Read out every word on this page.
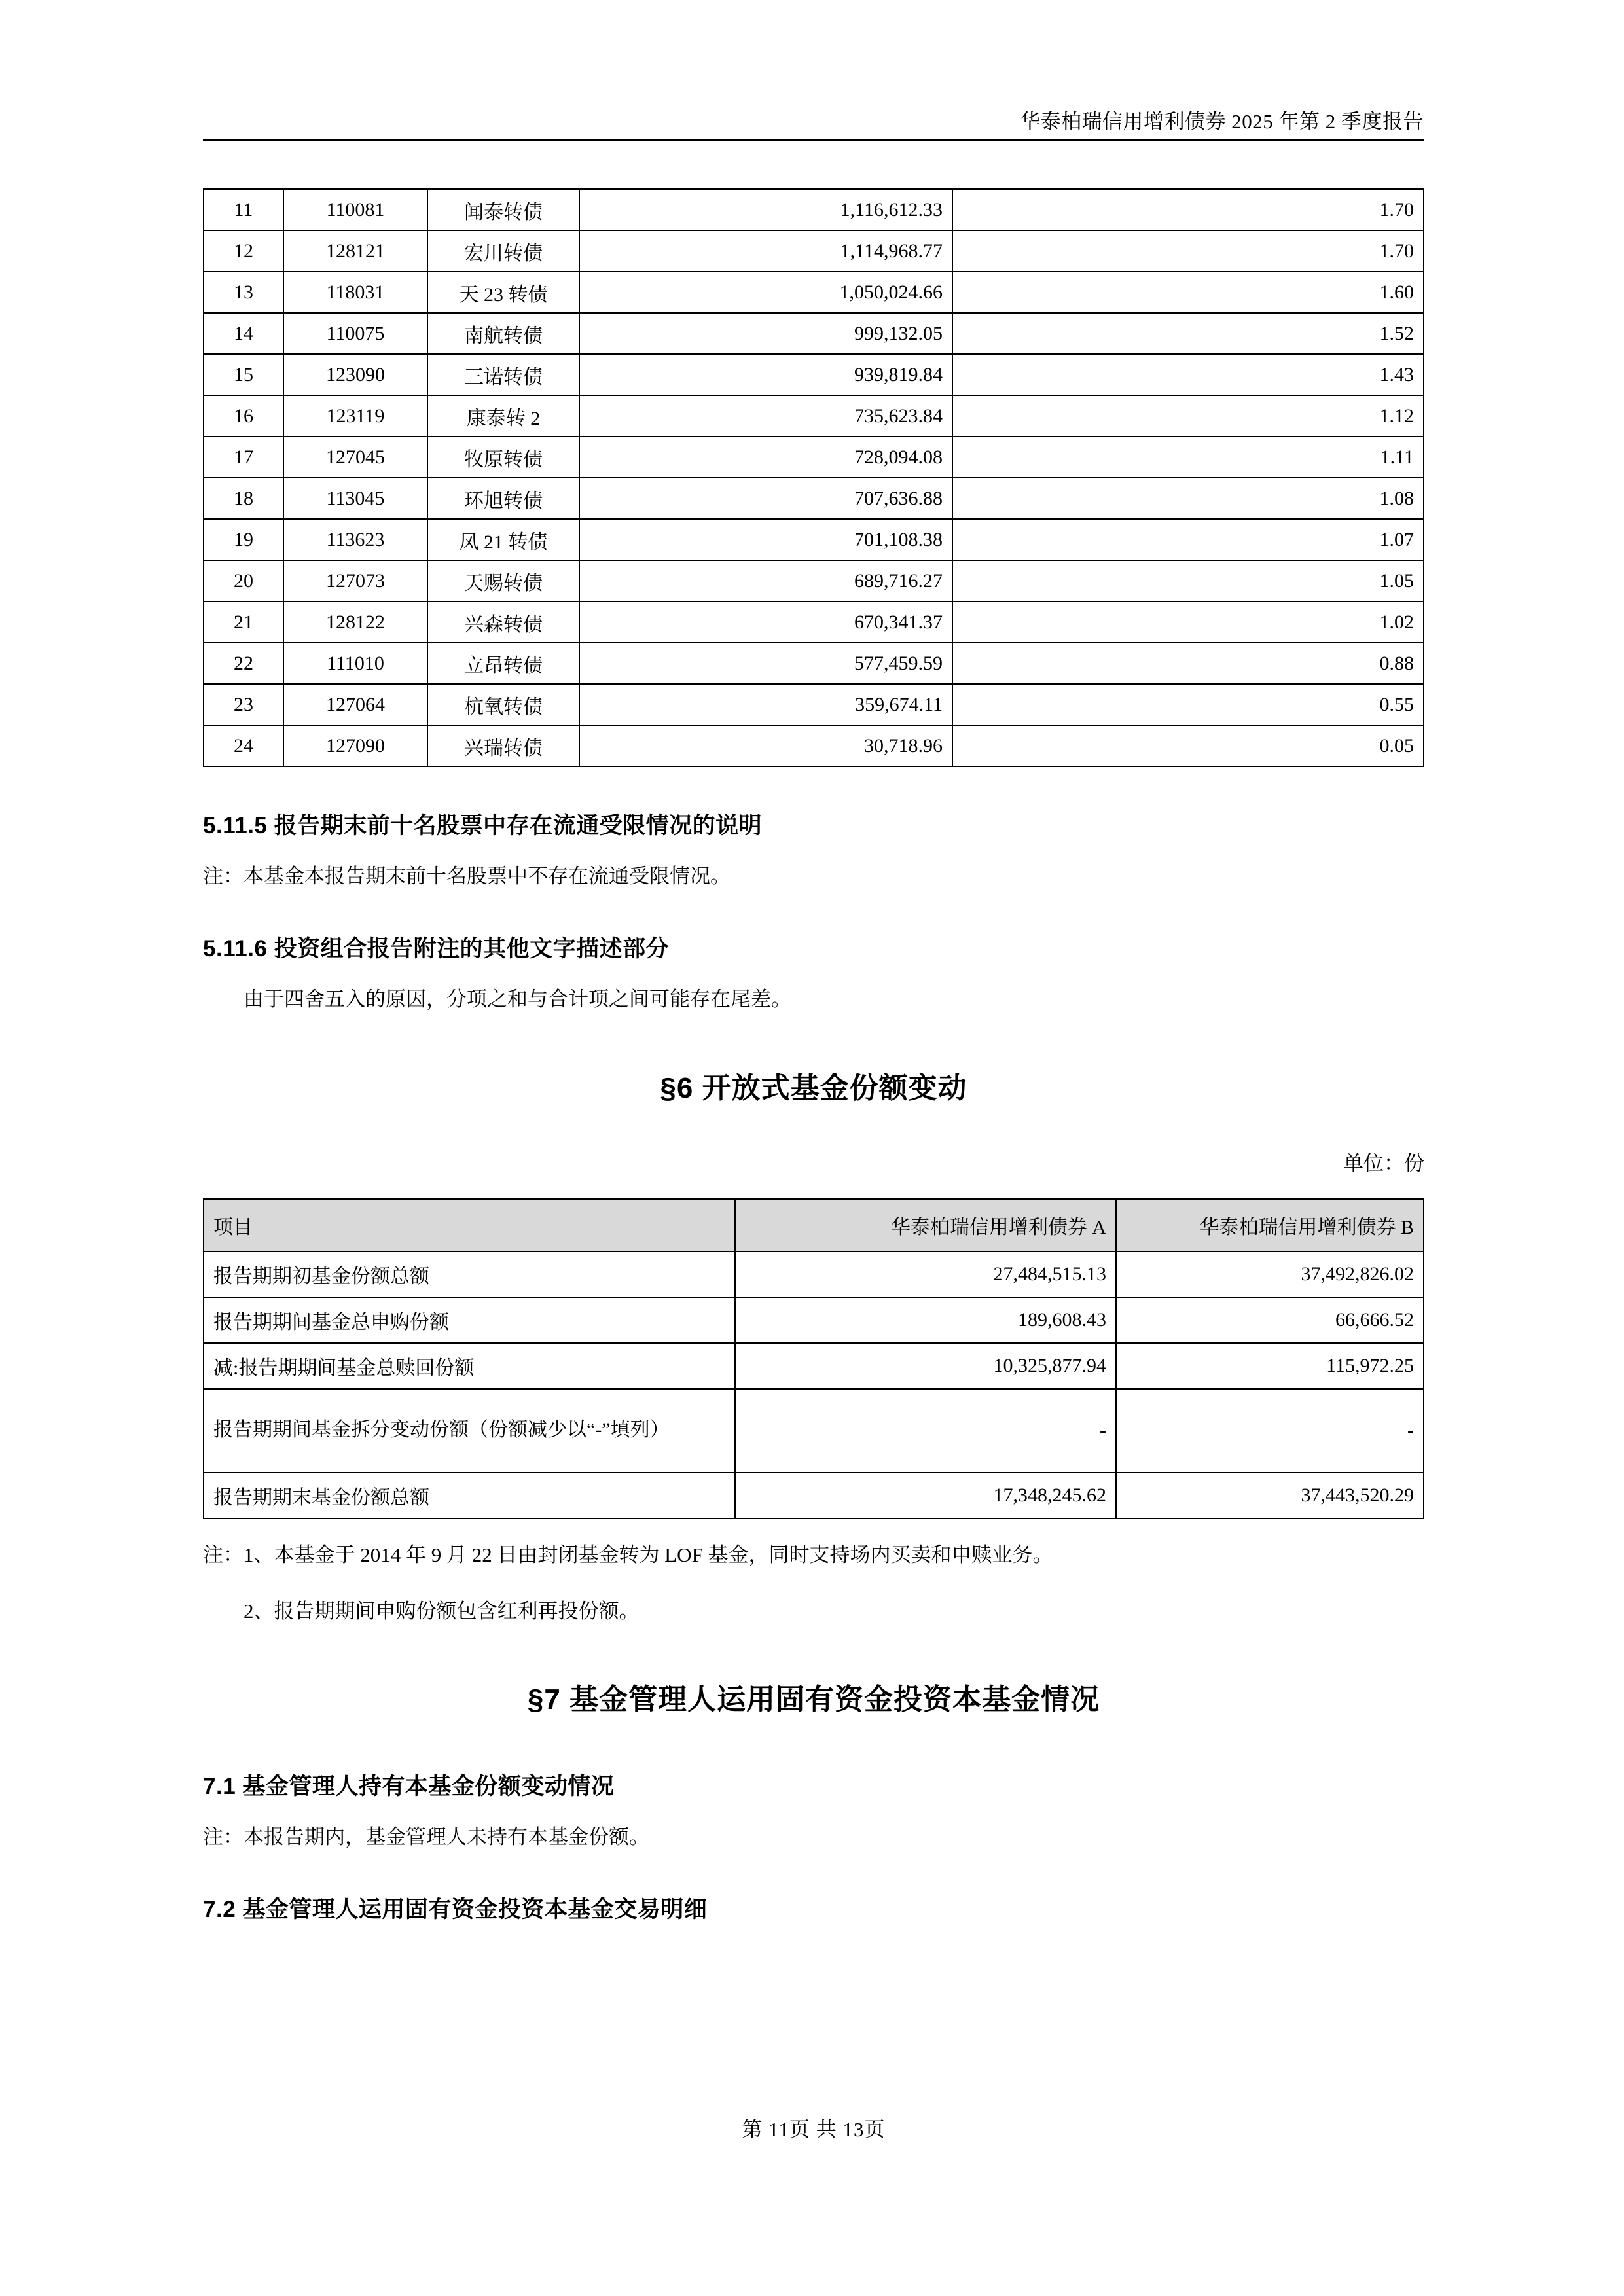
华泰柏瑞信用增利债券 2025 年第 2 季度报告
11	110081	闻泰转债	1,116,612.33	1.70
12	128121	宏川转债	1,114,968.77	1.70
13	118031	天 23 转债	1,050,024.66	1.60
14	110075	南航转债	999,132.05	1.52
15	123090	三诺转债	939,819.84	1.43
16	123119	康泰转 2	735,623.84	1.12
17	127045	牧原转债	728,094.08	1.11
18	113045	环旭转债	707,636.88	1.08
19	113623	凤 21 转债	701,108.38	1.07
20	127073	天赐转债	689,716.27	1.05
21	128122	兴森转债	670,341.37	1.02
22	111010	立昂转债	577,459.59	0.88
23	127064	杭氧转债	359,674.11	0.55
24	127090	兴瑞转债	30,718.96	0.05
5.11.5 报告期末前十名股票中存在流通受限情况的说明

注：本基金本报告期末前十名股票中不存在流通受限情况。

5.11.6 投资组合报告附注的其他文字描述部分

由于四舍五入的原因，分项之和与合计项之间可能存在尾差。

§6 开放式基金份额变动
单位：份
项目	华泰柏瑞信用增利债券 A	华泰柏瑞信用增利债券 B
报告期期初基金份额总额	27,484,515.13	37,492,826.02
报告期期间基金总申购份额	189,608.43	66,666.52
减:报告期期间基金总赎回份额	10,325,877.94	115,972.25
报告期期间基金拆分变动份额（份额减少以“-”填列）	-	-
报告期期末基金份额总额	17,348,245.62	37,443,520.29

注：1、本基金于 2014 年 9 月 22 日由封闭基金转为 LOF 基金，同时支持场内买卖和申赎业务。

2、报告期期间申购份额包含红利再投份额。

§7 基金管理人运用固有资金投资本基金情况
7.1 基金管理人持有本基金份额变动情况

注：本报告期内，基金管理人未持有本基金份额。

7.2 基金管理人运用固有资金投资本基金交易明细
第 11页 共 13页
